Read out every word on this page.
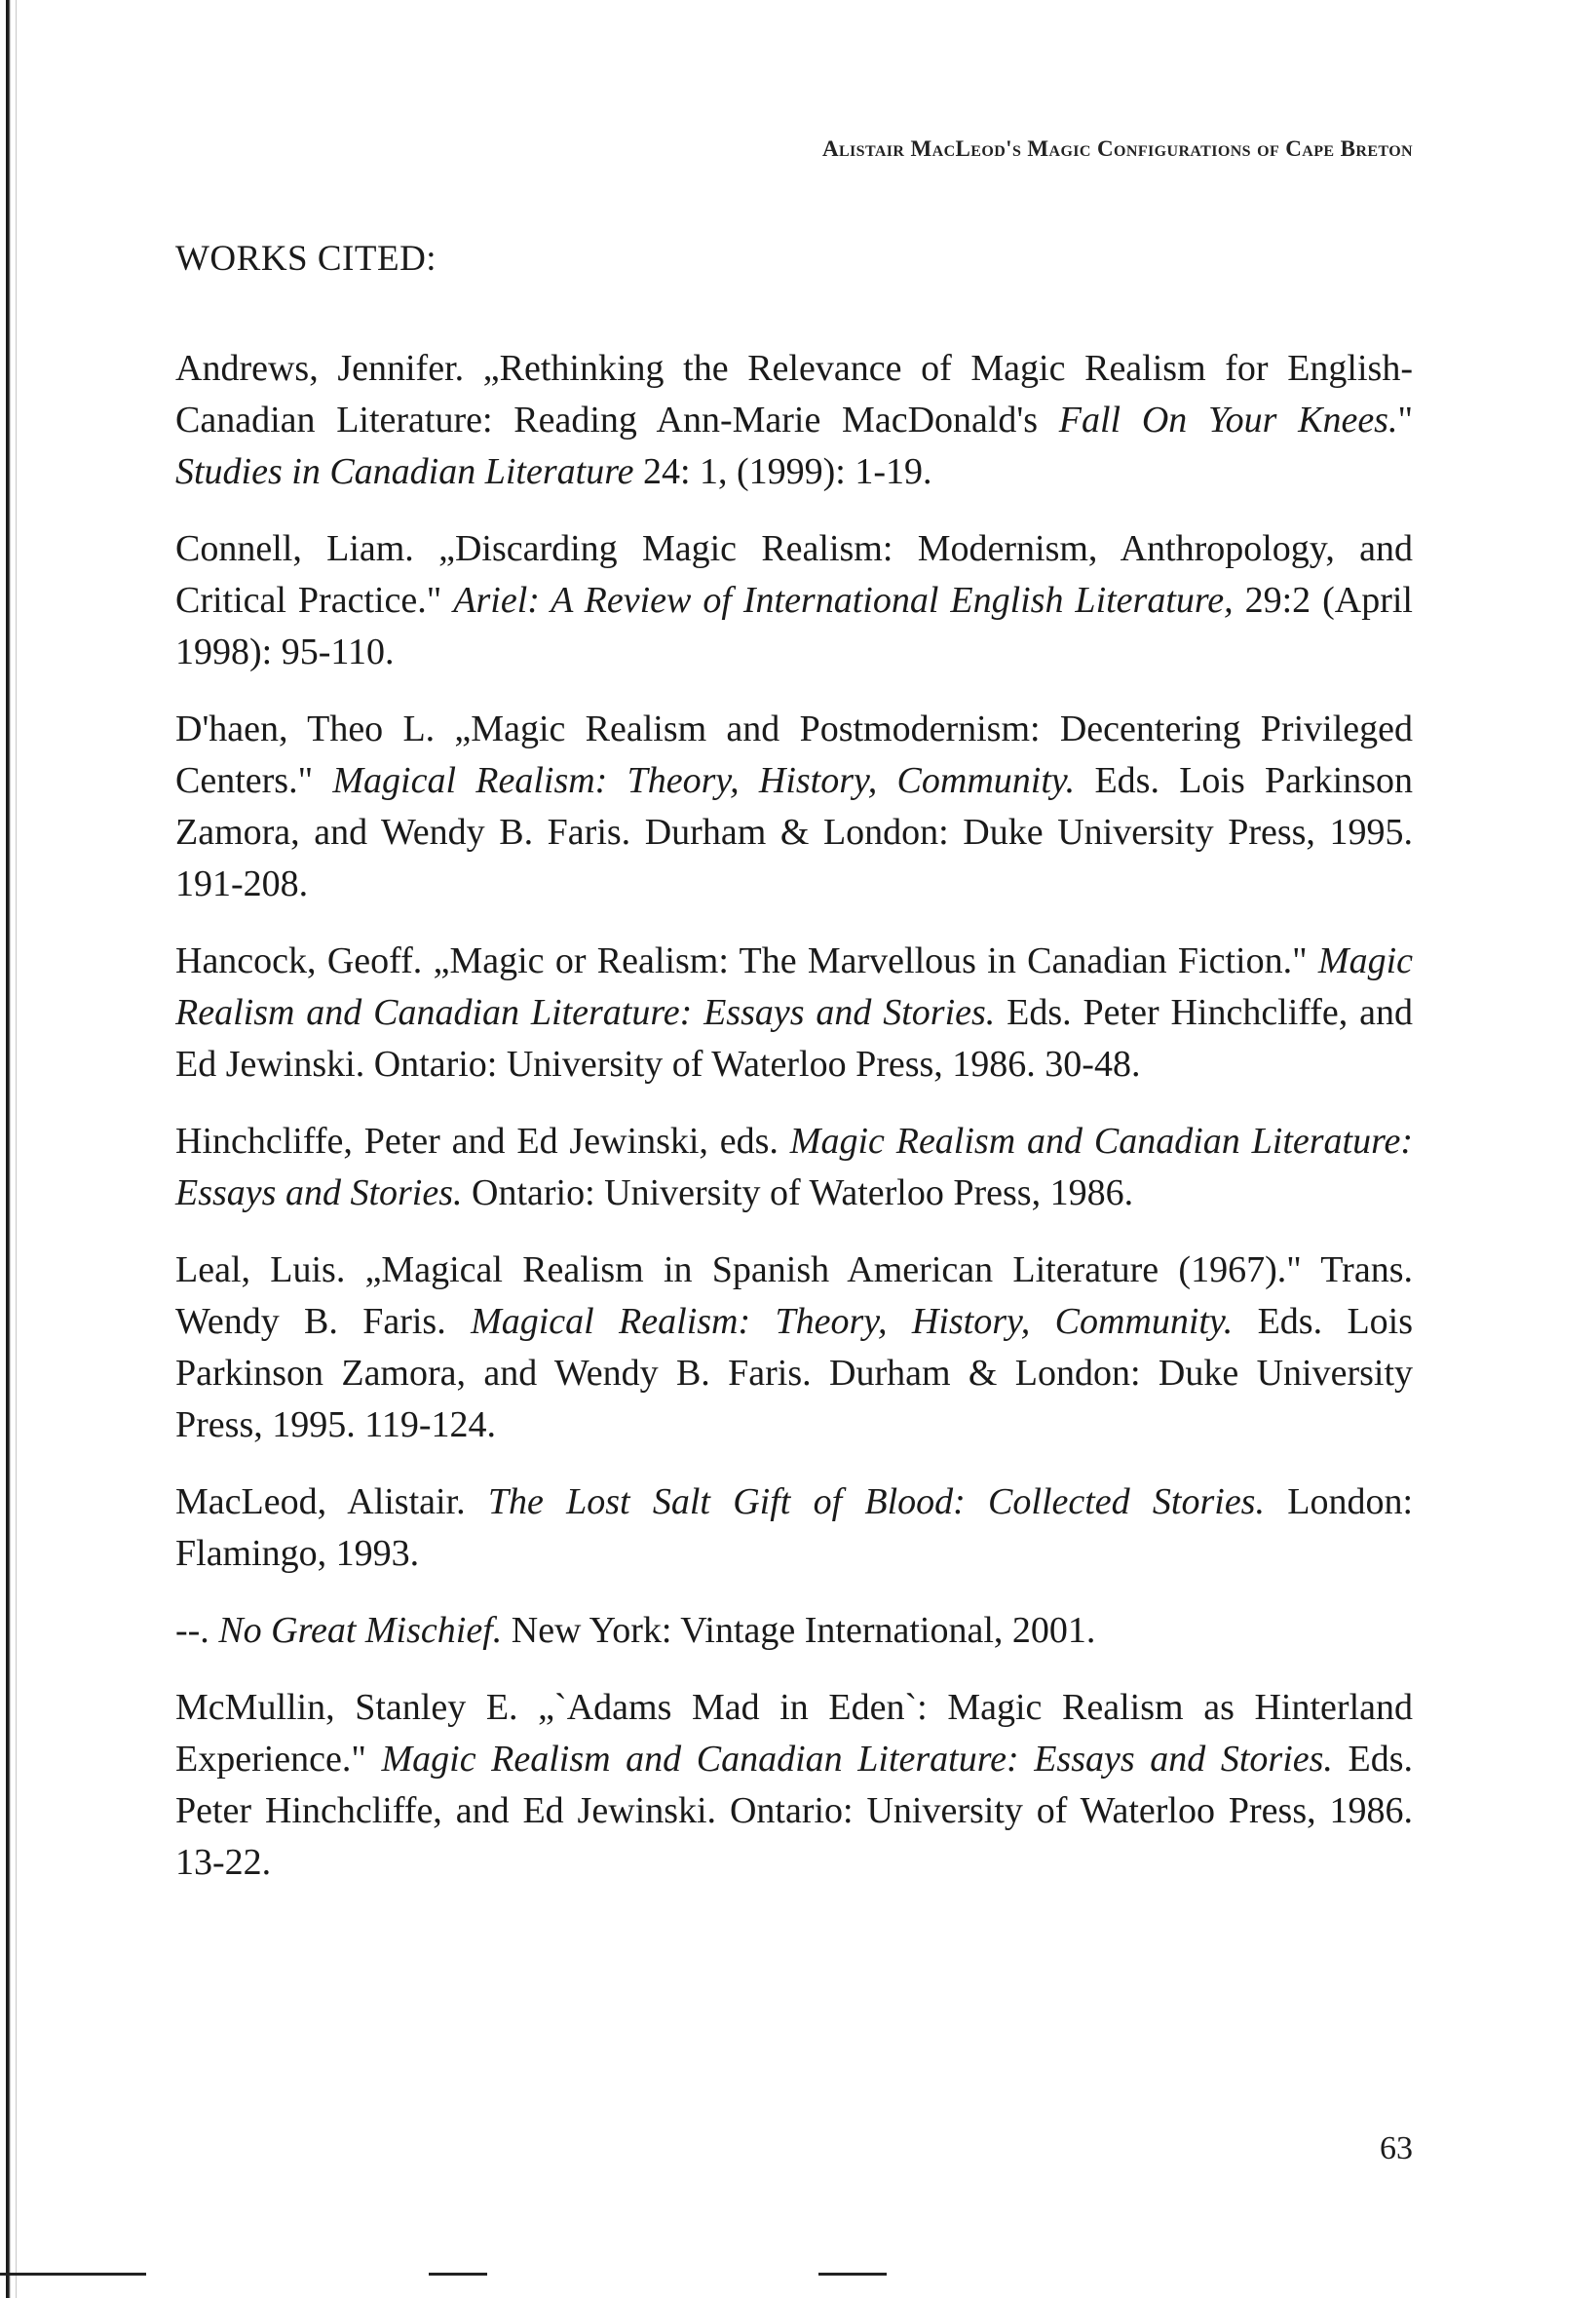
Alistair MacLeod's Magic Configurations of Cape Breton
WORKS CITED:

Andrews, Jennifer. „Rethinking the Relevance of Magic Realism for English-Canadian Literature: Reading Ann-Marie MacDonald's Fall On Your Knees." Studies in Canadian Literature 24: 1, (1999): 1-19.

Connell, Liam. „Discarding Magic Realism: Modernism, Anthropology, and Critical Practice." Ariel: A Review of International English Literature, 29:2 (April 1998): 95-110.

D'haen, Theo L. „Magic Realism and Postmodernism: Decentering Privileged Centers." Magical Realism: Theory, History, Community. Eds. Lois Parkinson Zamora, and Wendy B. Faris. Durham & London: Duke University Press, 1995. 191-208.

Hancock, Geoff. „Magic or Realism: The Marvellous in Canadian Fiction." Magic Realism and Canadian Literature: Essays and Stories. Eds. Peter Hinchcliffe, and Ed Jewinski. Ontario: University of Waterloo Press, 1986. 30-48.

Hinchcliffe, Peter and Ed Jewinski, eds. Magic Realism and Canadian Literature: Essays and Stories. Ontario: University of Waterloo Press, 1986.

Leal, Luis. „Magical Realism in Spanish American Literature (1967)." Trans. Wendy B. Faris. Magical Realism: Theory, History, Community. Eds. Lois Parkinson Zamora, and Wendy B. Faris. Durham & London: Duke University Press, 1995. 119-124.

MacLeod, Alistair. The Lost Salt Gift of Blood: Collected Stories. London: Flamingo, 1993.

--. No Great Mischief. New York: Vintage International, 2001.

McMullin, Stanley E. „`Adams Mad in Eden`: Magic Realism as Hinterland Experience." Magic Realism and Canadian Literature: Essays and Stories. Eds. Peter Hinchcliffe, and Ed Jewinski. Ontario: University of Waterloo Press, 1986. 13-22.

63
